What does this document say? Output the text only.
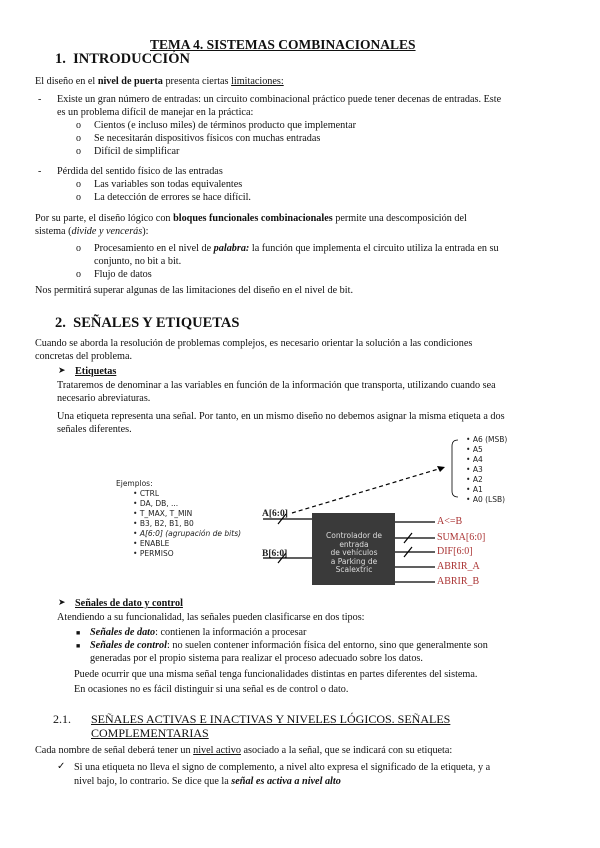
TEMA 4. SISTEMAS COMBINACIONALES
1. INTRODUCCIÓN
El diseño en el nivel de puerta presenta ciertas limitaciones:
- Existe un gran número de entradas: un circuito combinacional práctico puede tener decenas de entradas. Este
es un problema difícil de manejar en la práctica:
o Cientos (e incluso miles) de términos producto que implementar
o Se necesitarán dispositivos físicos con muchas entradas
o Difícil de simplificar
- Pérdida del sentido físico de las entradas
o Las variables son todas equivalentes
o La detección de errores se hace difícil.
Por su parte, el diseño lógico con bloques funcionales combinacionales permite una descomposición del
sistema (divide y vencerás):
o Procesamiento en el nivel de palabra: la función que implementa el circuito utiliza la entrada en su
conjunto, no bit a bit.
o Flujo de datos
Nos permitirá superar algunas de las limitaciones del diseño en el nivel de bit.
2. SEÑALES Y ETIQUETAS
Cuando se aborda la resolución de problemas complejos, es necesario orientar la solución a las condiciones
concretas del problema.
➤ Etiquetas
Trataremos de denominar a las variables en función de la información que transporta, utilizando cuando sea
necesario abreviaturas.
Una etiqueta representa una señal. Por tanto, en un mismo diseño no debemos asignar la misma etiqueta a dos
señales diferentes.
Ejemplos:
• CTRL
• DA, DB, ...
• T_MAX, T_MIN
• B3, B2, B1, B0
• A[6:0] (agrupación de bits)
• ENABLE
• PERMISO
• A6 (MSB)
• A5
• A4
• A3
• A2
• A1
• A0 (LSB)
A[6:0]
B[6:0]
Controlador de entrada
de vehículos
a Parking de Scalextric
A<=B
SUMA[6:0]
DIF[6:0]
ABRIR_A
ABRIR_B
➤ Señales de dato y control
Atendiendo a su funcionalidad, las señales pueden clasificarse en dos tipos:
■ Señales de dato: contienen la información a procesar
■ Señales de control: no suelen contener información física del entorno, sino que generalmente son
generadas por el propio sistema para realizar el proceso adecuado sobre los datos.
Puede ocurrir que una misma señal tenga funcionalidades distintas en partes diferentes del sistema.
En ocasiones no es fácil distinguir si una señal es de control o dato.
2.1. SEÑALES ACTIVAS E INACTIVAS Y NIVELES LÓGICOS. SEÑALES
COMPLEMENTARIAS
Cada nombre de señal deberá tener un nivel activo asociado a la señal, que se indicará con su etiqueta:
✓ Si una etiqueta no lleva el signo de complemento, a nivel alto expresa el significado de la etiqueta, y a
nivel bajo, lo contrario. Se dice que la señal es activa a nivel alto
